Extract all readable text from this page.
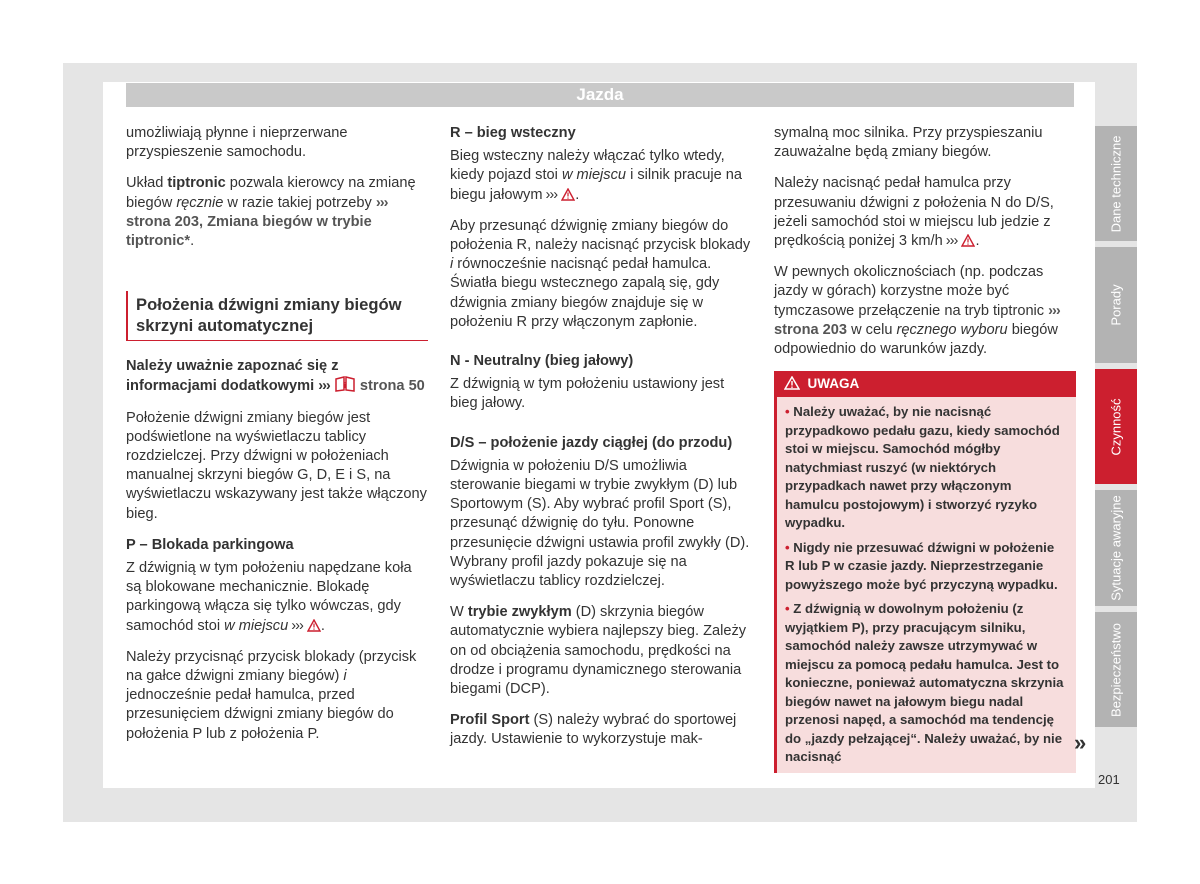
Jazda

umożliwiają płynne i nieprzerwane przyspieszenie samochodu.

Układ tiptronic pozwala kierowcy na zmianę biegów ręcznie w razie takiej potrzeby ››› strona 203, Zmiana biegów w trybie tiptronic*.

Położenia dźwigni zmiany biegów skrzyni automatycznej

Należy uważnie zapoznać się z informacjami dodatkowymi ››› i strona 50

Położenie dźwigni zmiany biegów jest podświetlone na wyświetlaczu tablicy rozdzielczej. Przy dźwigni w położeniach manualnej skrzyni biegów G, D, E i S, na wyświetlaczu wskazywany jest także włączony bieg.

P – Blokada parkingowa

Z dźwignią w tym położeniu napędzane koła są blokowane mechanicznie. Blokadę parkingową włącza się tylko wówczas, gdy samochód stoi w miejscu ››› .

Należy przycisnąć przycisk blokady (przycisk na gałce dźwigni zmiany biegów) i jednocześnie pedał hamulca, przed przesunięciem dźwigni zmiany biegów do położenia P lub z położenia P.

R – bieg wsteczny

Bieg wsteczny należy włączać tylko wtedy, kiedy pojazd stoi w miejscu i silnik pracuje na biegu jałowym ››› .

Aby przesunąć dźwignię zmiany biegów do położenia R, należy nacisnąć przycisk blokady i równocześnie nacisnąć pedał hamulca. Światła biegu wstecznego zapalą się, gdy dźwignia zmiany biegów znajduje się w położeniu R przy włączonym zapłonie.

N - Neutralny (bieg jałowy)

Z dźwignią w tym położeniu ustawiony jest bieg jałowy.

D/S – położenie jazdy ciągłej (do przodu)

Dźwignia w położeniu D/S umożliwia sterowanie biegami w trybie zwykłym (D) lub Sportowym (S). Aby wybrać profil Sport (S), przesunąć dźwignię do tyłu. Ponowne przesunięcie dźwigni ustawia profil zwykły (D). Wybrany profil jazdy pokazuje się na wyświetlaczu tablicy rozdzielczej.

W trybie zwykłym (D) skrzynia biegów automatycznie wybiera najlepszy bieg. Zależy on od obciążenia samochodu, prędkości na drodze i programu dynamicznego sterowania biegami (DCP).

Profil Sport (S) należy wybrać do sportowej jazdy. Ustawienie to wykorzystuje mak-

symalną moc silnika. Przy przyspieszaniu zauważalne będą zmiany biegów.

Należy nacisnąć pedał hamulca przy przesuwaniu dźwigni z położenia N do D/S, jeżeli samochód stoi w miejscu lub jedzie z prędkością poniżej 3 km/h ››› .

W pewnych okolicznościach (np. podczas jazdy w górach) korzystne może być tymczasowe przełączenie na tryb tiptronic ››› strona 203 w celu ręcznego wyboru biegów odpowiednio do warunków jazdy.

UWAGA
• Należy uważać, by nie nacisnąć przypadkowo pedału gazu, kiedy samochód stoi w miejscu. Samochód mógłby natychmiast ruszyć (w niektórych przypadkach nawet przy włączonym hamulcu postojowym) i stworzyć ryzyko wypadku.
• Nigdy nie przesuwać dźwigni w położenie R lub P w czasie jazdy. Nieprzestrzeganie powyższego może być przyczyną wypadku.
• Z dźwignią w dowolnym położeniu (z wyjątkiem P), przy pracującym silniku, samochód należy zawsze utrzymywać w miejscu za pomocą pedału hamulca. Jest to konieczne, ponieważ automatyczna skrzynia biegów nawet na jałowym biegu nadal przenosi napęd, a samochód ma tendencję do „jazdy pełzającej“. Należy uważać, by nie nacisnąć
»
Dane techniczne
Porady
Czynność
Sytuacje awaryjne
Bezpieczeństwo
201
